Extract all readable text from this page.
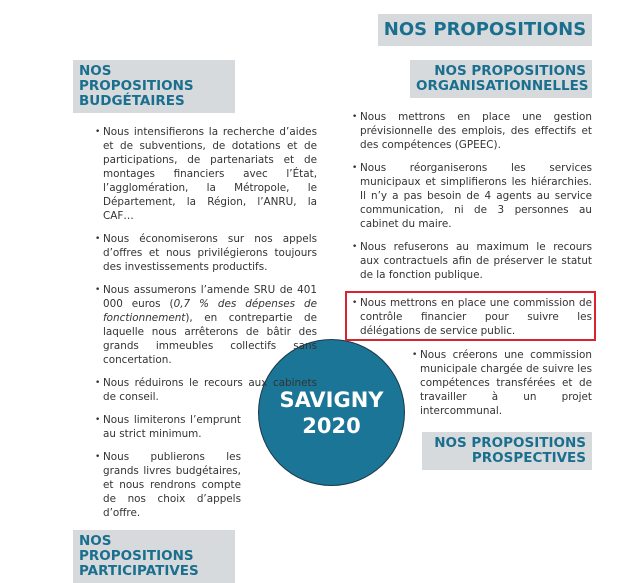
NOS PROPOSITIONS
SAVIGNY
2020
NOS PROPOSITIONS
BUDGÉTAIRES
• Nous intensifierons la recherche d’aides et de subventions, de dotations et de participations, de partenariats et de montages financiers avec l’État, l’agglomération, la Métropole, le Département, la Région, l’ANRU, la CAF…
• Nous économiserons sur nos appels d’offres et nous privilégierons toujours des investissements productifs.
• Nous assumerons l’amende SRU de 401 000 euros (0,7 % des dépenses de fonctionnement), en contrepartie de laquelle nous arrêterons de bâtir des grands immeubles collectifs sans concertation.
• Nous réduirons le recours aux cabinets de conseil.
• Nous limiterons l’emprunt au strict minimum.
• Nous publierons les grands livres budgétaires, et nous rendrons compte de nos choix d’appels d’offre.
NOS PROPOSITIONS
PARTICIPATIVES
NOS PROPOSITIONS
ORGANISATIONNELLES
• Nous mettrons en place une gestion prévisionnelle des emplois, des effectifs et des compétences (GPEEC).
• Nous réorganiserons les services municipaux et simplifierons les hiérarchies. Il n’y a pas besoin de 4 agents au service communication, ni de 3 personnes au cabinet du maire.
• Nous refuserons au maximum le recours aux contractuels afin de préserver le statut de la fonction publique.
• Nous mettrons en place une commission de contrôle financier pour suivre les délégations de service public.
• Nous créerons une commission municipale chargée de suivre les compétences transférées et de travailler à un projet intercommunal.
NOS PROPOSITIONS
PROSPECTIVES
